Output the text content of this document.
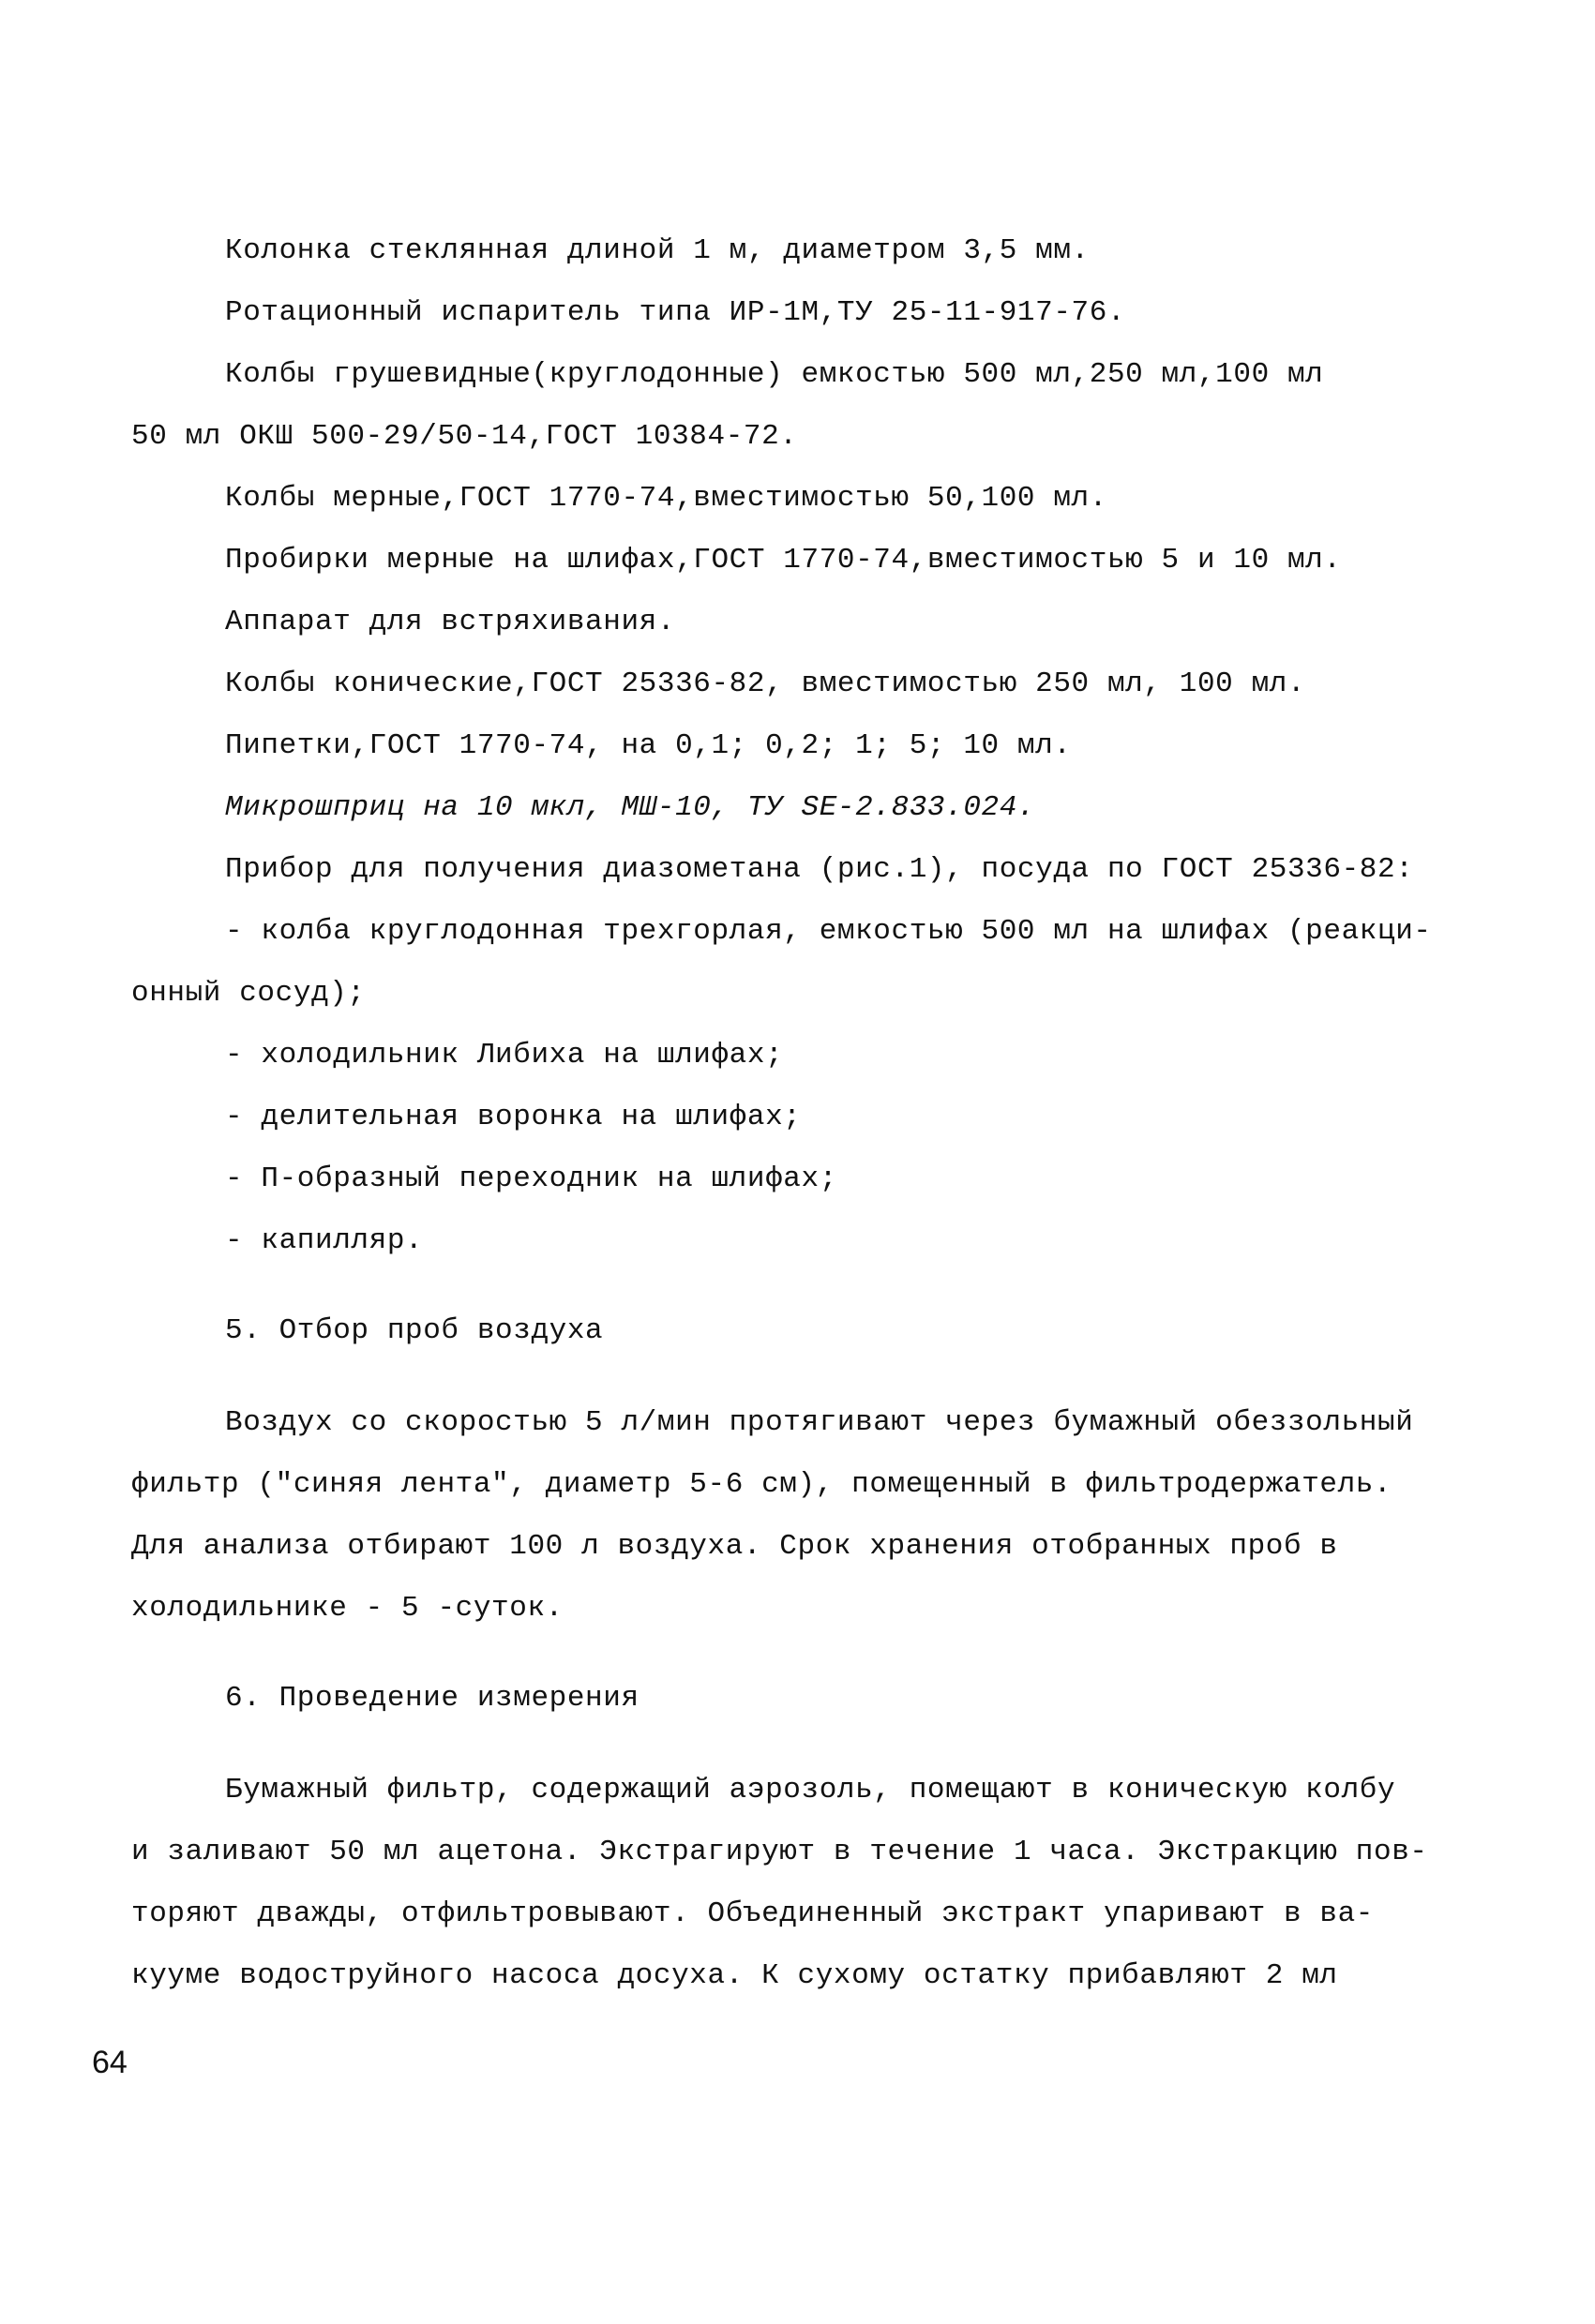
Колонка стеклянная длиной 1 м, диаметром 3,5 мм.
Ротационный испаритель типа ИР-1М,ТУ 25-11-917-76.
Колбы грушевидные(круглодонные) емкостью 500 мл,250 мл,100 мл
50 мл ОКШ 500-29/50-14,ГОСТ 10384-72.
Колбы мерные,ГОСТ 1770-74,вместимостью 50,100 мл.
Пробирки мерные на шлифах,ГОСТ 1770-74,вместимостью 5 и 10 мл.
Аппарат для встряхивания.
Колбы конические,ГОСТ 25336-82, вместимостью 250 мл, 100 мл.
Пипетки,ГОСТ 1770-74, на 0,1; 0,2; 1; 5; 10 мл.
Микрошприц на 10 мкл, МШ-10, ТУ SE-2.833.024.
Прибор для получения диазометана (рис.1), посуда по ГОСТ 25336-82:
- колба круглодонная трехгорлая, емкостью 500 мл на шлифах (реакци-
онный сосуд);
- холодильник Либиха на шлифах;
- делительная воронка на шлифах;
- П-образный переходник на шлифах;
- капилляр.
5. Отбор проб воздуха
Воздух со скоростью 5 л/мин протягивают через бумажный обеззольный
фильтр ("синяя лента", диаметр 5-6 см), помещенный в фильтродержатель.
Для анализа отбирают 100 л воздуха. Срок хранения отобранных проб в
холодильнике - 5 -суток.
6. Проведение измерения
Бумажный фильтр, содержащий аэрозоль, помещают в коническую колбу
и заливают 50 мл ацетона. Экстрагируют в течение 1 часа. Экстракцию пов-
торяют дважды, отфильтровывают. Объединенный экстракт упаривают в ва-
кууме водоструйного насоса досуха. К сухому остатку прибавляют 2 мл
64
